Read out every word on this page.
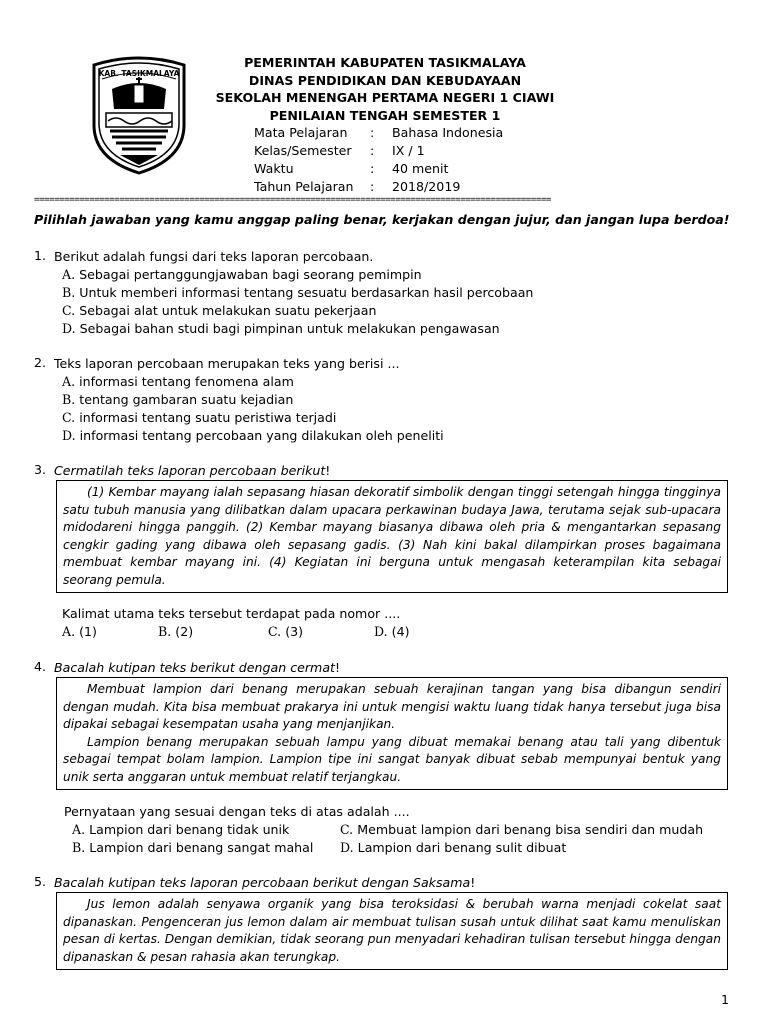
KAB. TASIKMALAYA
PEMERINTAH KABUPATEN TASIKMALAYA
DINAS PENDIDIKAN DAN KEBUDAYAAN
SEKOLAH MENENGAH PERTAMA NEGERI 1 CIAWI
PENILAIAN TENGAH SEMESTER 1
Mata Pelajaran	:	Bahasa Indonesia
Kelas/Semester	:	IX / 1
Waktu	:	40 menit
Tahun Pelajaran	:	2018/2019
=======================================================================================================
Pilihlah jawaban yang kamu anggap paling benar, kerjakan dengan jujur, dan jangan lupa berdoa!
1. Berikut adalah fungsi dari teks laporan percobaan.
A. Sebagai pertanggungjawaban bagi seorang pemimpin
B. Untuk memberi informasi tentang sesuatu berdasarkan hasil percobaan
C. Sebagai alat untuk melakukan suatu pekerjaan
D. Sebagai bahan studi bagi pimpinan untuk melakukan pengawasan
2. Teks laporan percobaan merupakan teks yang berisi ...
A. informasi tentang fenomena alam
B. tentang gambaran suatu kejadian
C. informasi tentang suatu peristiwa terjadi
D. informasi tentang percobaan yang dilakukan oleh peneliti
3. Cermatilah teks laporan percobaan berikut!

(1) Kembar mayang ialah sepasang hiasan dekoratif simbolik dengan tinggi setengah hingga tingginya satu tubuh manusia yang dilibatkan dalam upacara perkawinan budaya Jawa, terutama sejak sub-upacara midodareni hingga panggih. (2) Kembar mayang biasanya dibawa oleh pria & mengantarkan sepasang cengkir gading yang dibawa oleh sepasang gadis. (3) Nah kini bakal dilampirkan proses bagaimana membuat kembar mayang ini. (4) Kegiatan ini berguna untuk mengasah keterampilan kita sebagai seorang pemula.

Kalimat utama teks tersebut terdapat pada nomor ....
A. (1)	B. (2)	C. (3)	D. (4)
4. Bacalah kutipan teks berikut dengan cermat!

Membuat lampion dari benang merupakan sebuah kerajinan tangan yang bisa dibangun sendiri dengan mudah. Kita bisa membuat prakarya ini untuk mengisi waktu luang tidak hanya tersebut juga bisa dipakai sebagai kesempatan usaha yang menjanjikan.

Lampion benang merupakan sebuah lampu yang dibuat memakai benang atau tali yang dibentuk sebagai tempat bolam lampion. Lampion tipe ini sangat banyak dibuat sebab mempunyai bentuk yang unik serta anggaran untuk membuat relatif terjangkau.

Pernyataan yang sesuai dengan teks di atas adalah ....
A. Lampion dari benang tidak unik	C. Membuat lampion dari benang bisa sendiri dan mudah
B. Lampion dari benang sangat mahal	D. Lampion dari benang sulit dibuat
5. Bacalah kutipan teks laporan percobaan berikut dengan Saksama!

Jus lemon adalah senyawa organik yang bisa teroksidasi & berubah warna menjadi cokelat saat dipanaskan. Pengenceran jus lemon dalam air membuat tulisan susah untuk dilihat saat kamu menuliskan pesan di kertas. Dengan demikian, tidak seorang pun menyadari kehadiran tulisan tersebut hingga dengan dipanaskan & pesan rahasia akan terungkap.

1
